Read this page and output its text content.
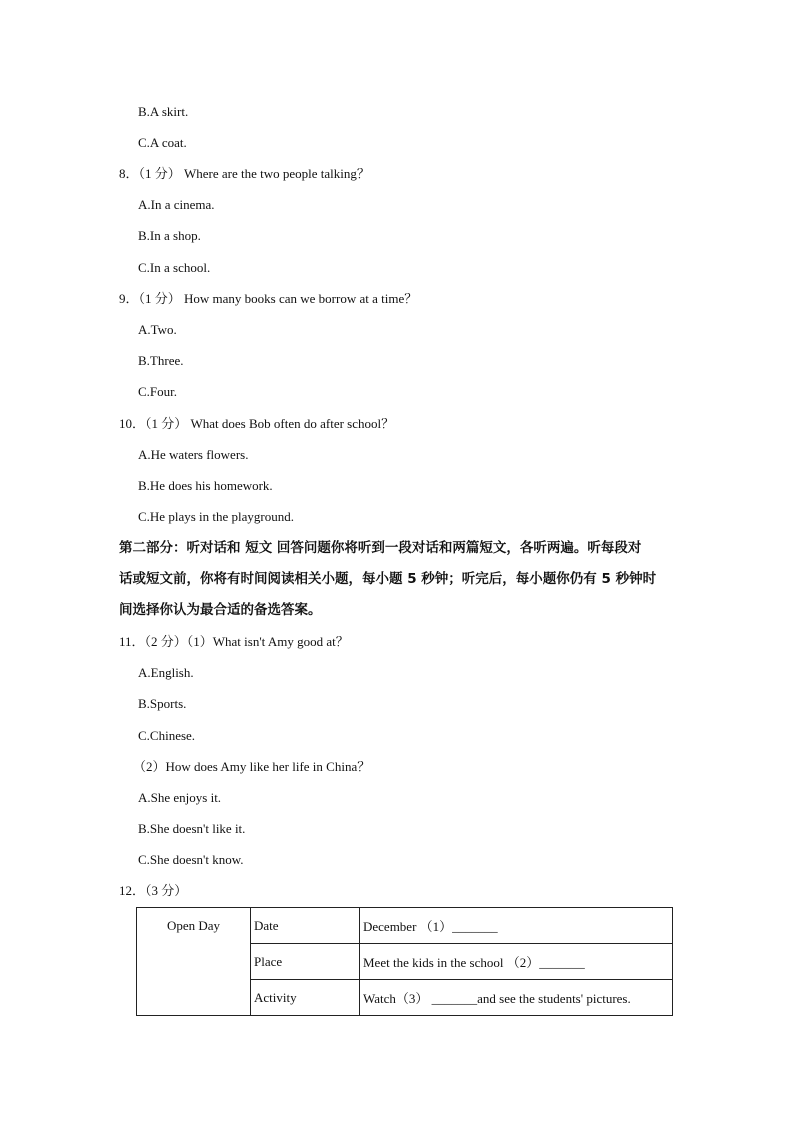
B.A skirt.
C.A coat.
8．（1 分） Where are the two people talking？
A.In a cinema.
B.In a shop.
C.In a school.
9．（1 分） How many books can we borrow at a time？
A.Two.
B.Three.
C.Four.
10．（1 分） What does Bob often do after school？
A.He waters flowers.
B.He does his homework.
C.He plays in the playground.
第二部分：听对话和 短文 回答问题你将听到一段对话和两篇短文，各听两遍。听每段对
话或短文前，你将有时间阅读相关小题，每小题 5 秒钟；听完后，每小题你仍有 5 秒钟时
间选择你认为最合适的备选答案。
11．（2 分）（1）What isn't Amy good at？
A.English.
B.Sports.
C.Chinese.
（2）How does Amy like her life in China？
A.She enjoys it.
B.She doesn't like it.
C.She doesn't know.
12．（3 分）
Open Day	Date	December （1）_______
	Place	Meet the kids in the school （2）_______
	Activity	Watch（3） _______and see the students' pictures.
